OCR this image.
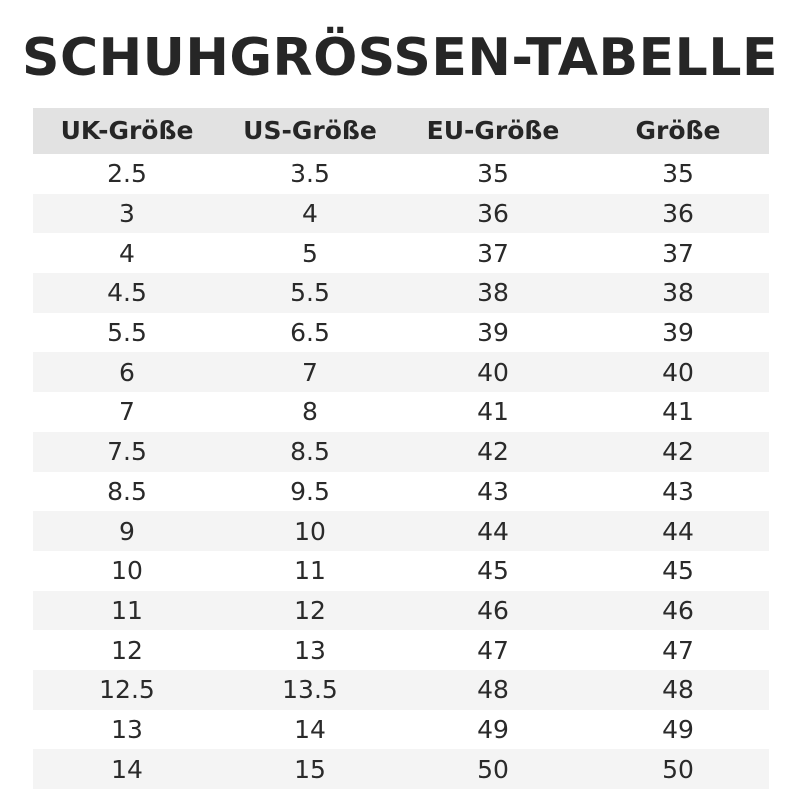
SCHUHGRÖSSEN-TABELLE
UK-Größe	US-Größe	EU-Größe	Größe
2.5	3.5	35	35
3	4	36	36
4	5	37	37
4.5	5.5	38	38
5.5	6.5	39	39
6	7	40	40
7	8	41	41
7.5	8.5	42	42
8.5	9.5	43	43
9	10	44	44
10	11	45	45
11	12	46	46
12	13	47	47
12.5	13.5	48	48
13	14	49	49
14	15	50	50
